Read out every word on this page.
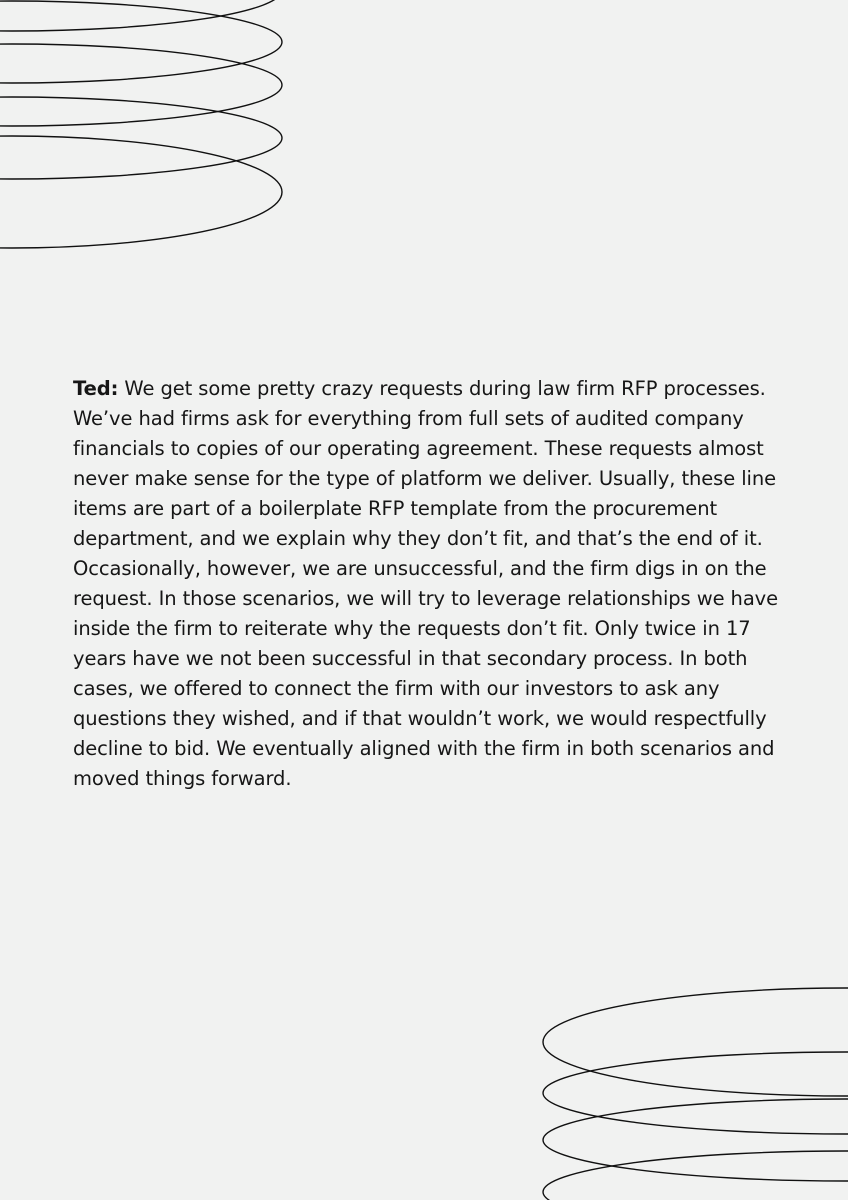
Ted: We get some pretty crazy requests during law firm RFP processes. We’ve had firms ask for everything from full sets of audited company financials to copies of our operating agreement. These requests almost never make sense for the type of platform we deliver. Usually, these line items are part of a boilerplate RFP template from the procurement department, and we explain why they don’t fit, and that’s the end of it. Occasionally, however, we are unsuccessful, and the firm digs in on the request. In those scenarios, we will try to leverage relationships we have inside the firm to reiterate why the requests don’t fit. Only twice in 17 years have we not been successful in that secondary process. In both cases, we offered to connect the firm with our investors to ask any questions they wished, and if that wouldn’t work, we would respectfully decline to bid. We eventually aligned with the firm in both scenarios and moved things forward.
